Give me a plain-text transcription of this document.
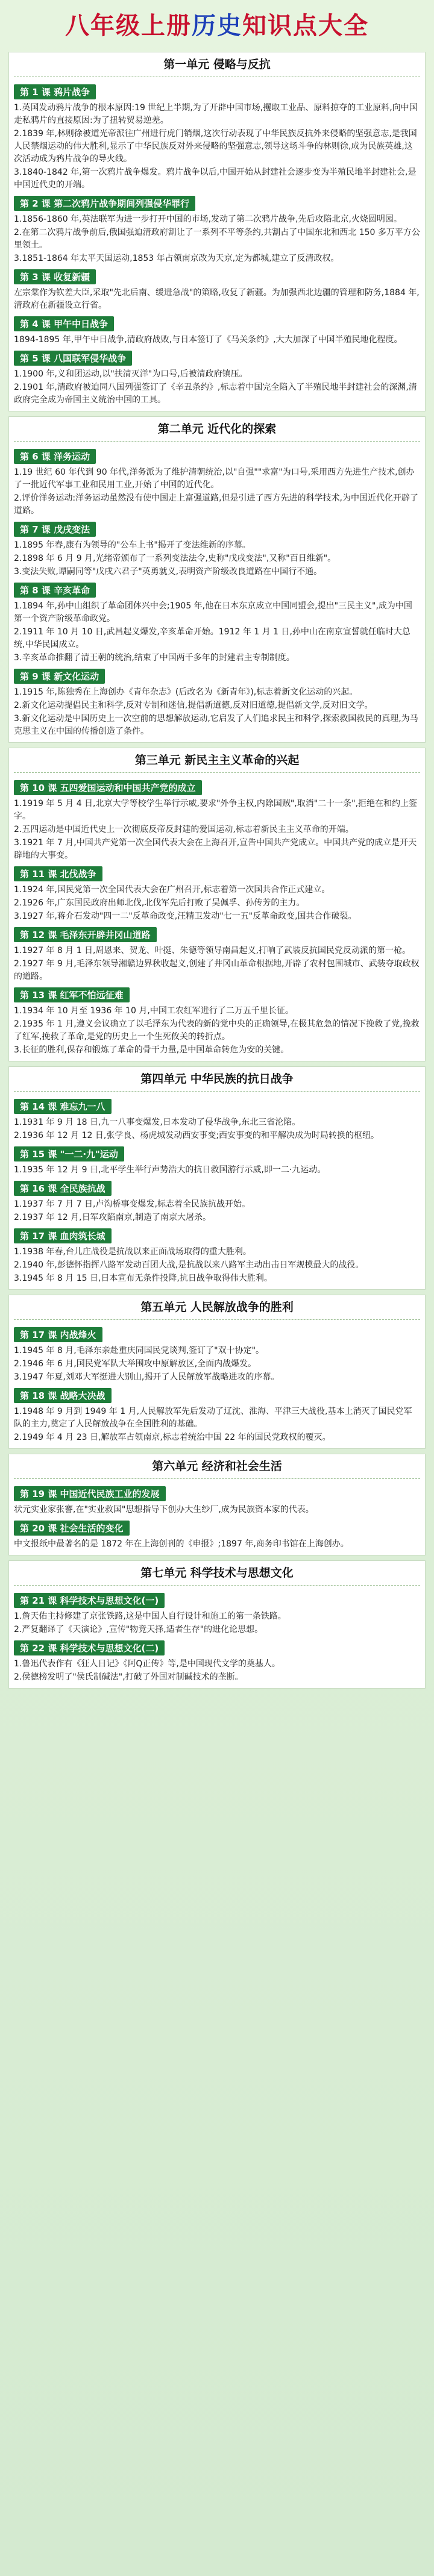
八年级上册历史知识点大全
第一单元 侵略与反抗
第 1 课 鸦片战争
1.英国发动鸦片战争的根本原因:19 世纪上半期,为了开辟中国市场,攫取工业品、原料掠夺的工业原料,向中国走私鸦片的直接原因:为了扭转贸易逆差。
2.1839 年,林则徐被道光帝派往广州进行虎门销烟,这次行动表现了中华民族反抗外来侵略的坚强意志,是我国人民禁烟运动的伟大胜利,显示了中华民族反对外来侵略的坚强意志,领导这场斗争的林则徐,成为民族英雄,这次活动成为鸦片战争的导火线。
3.1840-1842 年,第一次鸦片战争爆发。鸦片战争以后,中国开始从封建社会逐步变为半殖民地半封建社会,是中国近代史的开端。
第 2 课 第二次鸦片战争期间列强侵华罪行
1.1856-1860 年,英法联军为进一步打开中国的市场,发动了第二次鸦片战争,先后攻陷北京,火烧圆明园。
2.在第二次鸦片战争前后,俄国强迫清政府割让了一系列不平等条约,共割占了中国东北和西北 150 多万平方公里领土。
3.1851-1864 年太平天国运动,1853 年占领南京改为天京,定为都城,建立了反清政权。
第 3 课 收复新疆
左宗棠作为钦差大臣,采取"先北后南、缓进急战"的策略,收复了新疆。为加强西北边疆的管理和防务,1884 年,清政府在新疆设立行省。
第 4 课 甲午中日战争
1894-1895 年,甲午中日战争,清政府战败,与日本签订了《马关条约》,大大加深了中国半殖民地化程度。
第 5 课 八国联军侵华战争
1.1900 年,义和团运动,以"扶清灭洋"为口号,后被清政府镇压。
2.1901 年,清政府被迫同八国列强签订了《辛丑条约》,标志着中国完全陷入了半殖民地半封建社会的深渊,清政府完全成为帝国主义统治中国的工具。
第二单元 近代化的探索
第 6 课 洋务运动
1.19 世纪 60 年代到 90 年代,洋务派为了维护清朝统治,以"自强""求富"为口号,采用西方先进生产技术,创办了一批近代军事工业和民用工业,开始了中国的近代化。
2.评价洋务运动:洋务运动虽然没有使中国走上富强道路,但是引进了西方先进的科学技术,为中国近代化开辟了道路。
第 7 课 戊戌变法
1.1895 年春,康有为领导的"公车上书"揭开了变法维新的序幕。
2.1898 年 6 月 9 月,光绪帝颁布了一系列变法法令,史称"戊戌变法",又称"百日维新"。
3.变法失败,谭嗣同等"戊戌六君子"英勇就义,表明资产阶级改良道路在中国行不通。
第 8 课 辛亥革命
1.1894 年,孙中山组织了革命团体兴中会;1905 年,他在日本东京成立中国同盟会,提出"三民主义",成为中国第一个资产阶级革命政党。
2.1911 年 10 月 10 日,武昌起义爆发,辛亥革命开始。1912 年 1 月 1 日,孙中山在南京宣誓就任临时大总统,中华民国成立。
3.辛亥革命推翻了清王朝的统治,结束了中国两千多年的封建君主专制制度。
第 9 课 新文化运动
1.1915 年,陈独秀在上海创办《青年杂志》(后改名为《新青年》),标志着新文化运动的兴起。
2.新文化运动提倡民主和科学,反对专制和迷信,提倡新道德,反对旧道德,提倡新文学,反对旧文学。
3.新文化运动是中国历史上一次空前的思想解放运动,它启发了人们追求民主和科学,探索救国救民的真理,为马克思主义在中国的传播创造了条件。
第三单元 新民主主义革命的兴起
第 10 课 五四爱国运动和中国共产党的成立
1.1919 年 5 月 4 日,北京大学等校学生举行示威,要求"外争主权,内除国贼",取消"二十一条",拒绝在和约上签字。
2.五四运动是中国近代史上一次彻底反帝反封建的爱国运动,标志着新民主主义革命的开端。
3.1921 年 7 月,中国共产党第一次全国代表大会在上海召开,宣告中国共产党成立。中国共产党的成立是开天辟地的大事变。
第 11 课 北伐战争
1.1924 年,国民党第一次全国代表大会在广州召开,标志着第一次国共合作正式建立。
2.1926 年,广东国民政府出师北伐,北伐军先后打败了吴佩孚、孙传芳的主力。
3.1927 年,蒋介石发动"四一二"反革命政变,汪精卫发动"七一五"反革命政变,国共合作破裂。
第 12 课 毛泽东开辟井冈山道路
1.1927 年 8 月 1 日,周恩来、贺龙、叶挺、朱德等领导南昌起义,打响了武装反抗国民党反动派的第一枪。
2.1927 年 9 月,毛泽东领导湘赣边界秋收起义,创建了井冈山革命根据地,开辟了农村包围城市、武装夺取政权的道路。
第 13 课 红军不怕远征难
1.1934 年 10 月至 1936 年 10 月,中国工农红军进行了二万五千里长征。
2.1935 年 1 月,遵义会议确立了以毛泽东为代表的新的党中央的正确领导,在极其危急的情况下挽救了党,挽救了红军,挽救了革命,是党的历史上一个生死攸关的转折点。
3.长征的胜利,保存和锻炼了革命的骨干力量,是中国革命转危为安的关键。
第四单元 中华民族的抗日战争
第 14 课 难忘九一八
1.1931 年 9 月 18 日,九一八事变爆发,日本发动了侵华战争,东北三省沦陷。
2.1936 年 12 月 12 日,张学良、杨虎城发动西安事变;西安事变的和平解决成为时局转换的枢纽。
第 15 课 "一二·九"运动
1.1935 年 12 月 9 日,北平学生举行声势浩大的抗日救国游行示威,即一二·九运动。
第 16 课 全民族抗战
1.1937 年 7 月 7 日,卢沟桥事变爆发,标志着全民族抗战开始。
2.1937 年 12 月,日军攻陷南京,制造了南京大屠杀。
第 17 课 血肉筑长城
1.1938 年春,台儿庄战役是抗战以来正面战场取得的重大胜利。
2.1940 年,彭德怀指挥八路军发动百团大战,是抗战以来八路军主动出击日军规模最大的战役。
3.1945 年 8 月 15 日,日本宣布无条件投降,抗日战争取得伟大胜利。
第五单元 人民解放战争的胜利
第 17 课 内战烽火
1.1945 年 8 月,毛泽东亲赴重庆同国民党谈判,签订了"双十协定"。
2.1946 年 6 月,国民党军队大举围攻中原解放区,全面内战爆发。
3.1947 年夏,刘邓大军挺进大别山,揭开了人民解放军战略进攻的序幕。
第 18 课 战略大决战
1.1948 年 9 月到 1949 年 1 月,人民解放军先后发动了辽沈、淮海、平津三大战役,基本上消灭了国民党军队的主力,奠定了人民解放战争在全国胜利的基础。
2.1949 年 4 月 23 日,解放军占领南京,标志着统治中国 22 年的国民党政权的覆灭。
第六单元 经济和社会生活
第 19 课 中国近代民族工业的发展
状元实业家张謇,在"实业救国"思想指导下创办大生纱厂,成为民族资本家的代表。
第 20 课 社会生活的变化
中文报纸中最著名的是 1872 年在上海创刊的《申报》;1897 年,商务印书馆在上海创办。
第七单元 科学技术与思想文化
第 21 课 科学技术与思想文化(一)
1.詹天佑主持修建了京张铁路,这是中国人自行设计和施工的第一条铁路。
2.严复翻译了《天演论》,宣传"物竞天择,适者生存"的进化论思想。
第 22 课 科学技术与思想文化(二)
1.鲁迅代表作有《狂人日记》《阿Q正传》等,是中国现代文学的奠基人。
2.侯德榜发明了"侯氏制碱法",打破了外国对制碱技术的垄断。
